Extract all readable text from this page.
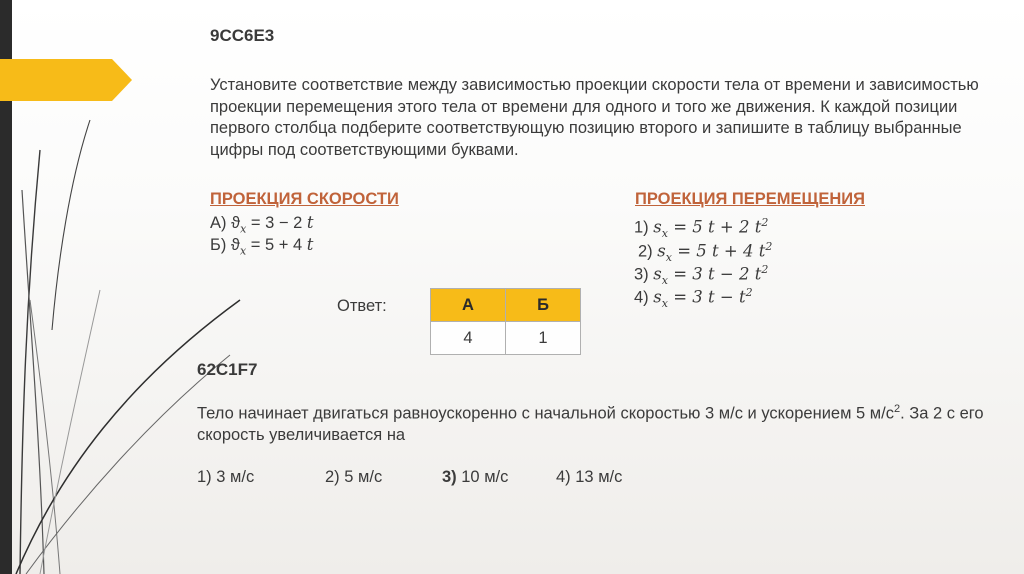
9CC6E3
Установите соответствие между зависимостью проекции скорости тела от времени и зависимостью проекции перемещения этого тела от времени для одного и того же движения. К каждой позиции первого столбца подберите соответствующую позицию второго и запишите в таблицу выбранные цифры под соответствующими буквами.
ПРОЕКЦИЯ СКОРОСТИ
А) $ϑ_x = 3 - 2$ t
Б) $ϑ_x = 5 + 4$ t
ПРОЕКЦИЯ ПЕРЕМЕЩЕНИЯ
1) $s_x = 5$ t + 2 $t^2$
2) $s_x = 5$ t + 4 $t^2$
3) $s_x = 3$ t − 2 $t^2$
4) $s_x = 3$ $t - t^2$
Ответ:	А	Б
4	1
62C1F7
Тело начинает двигаться равноускоренно с начальной скоростью 3 м/с и ускорением 5 $м/с^2$. За 2 с его скорость увеличивается на
1) 3 м/с	2) 5 м/с	3) 10 м/с	4) 13 м/с
